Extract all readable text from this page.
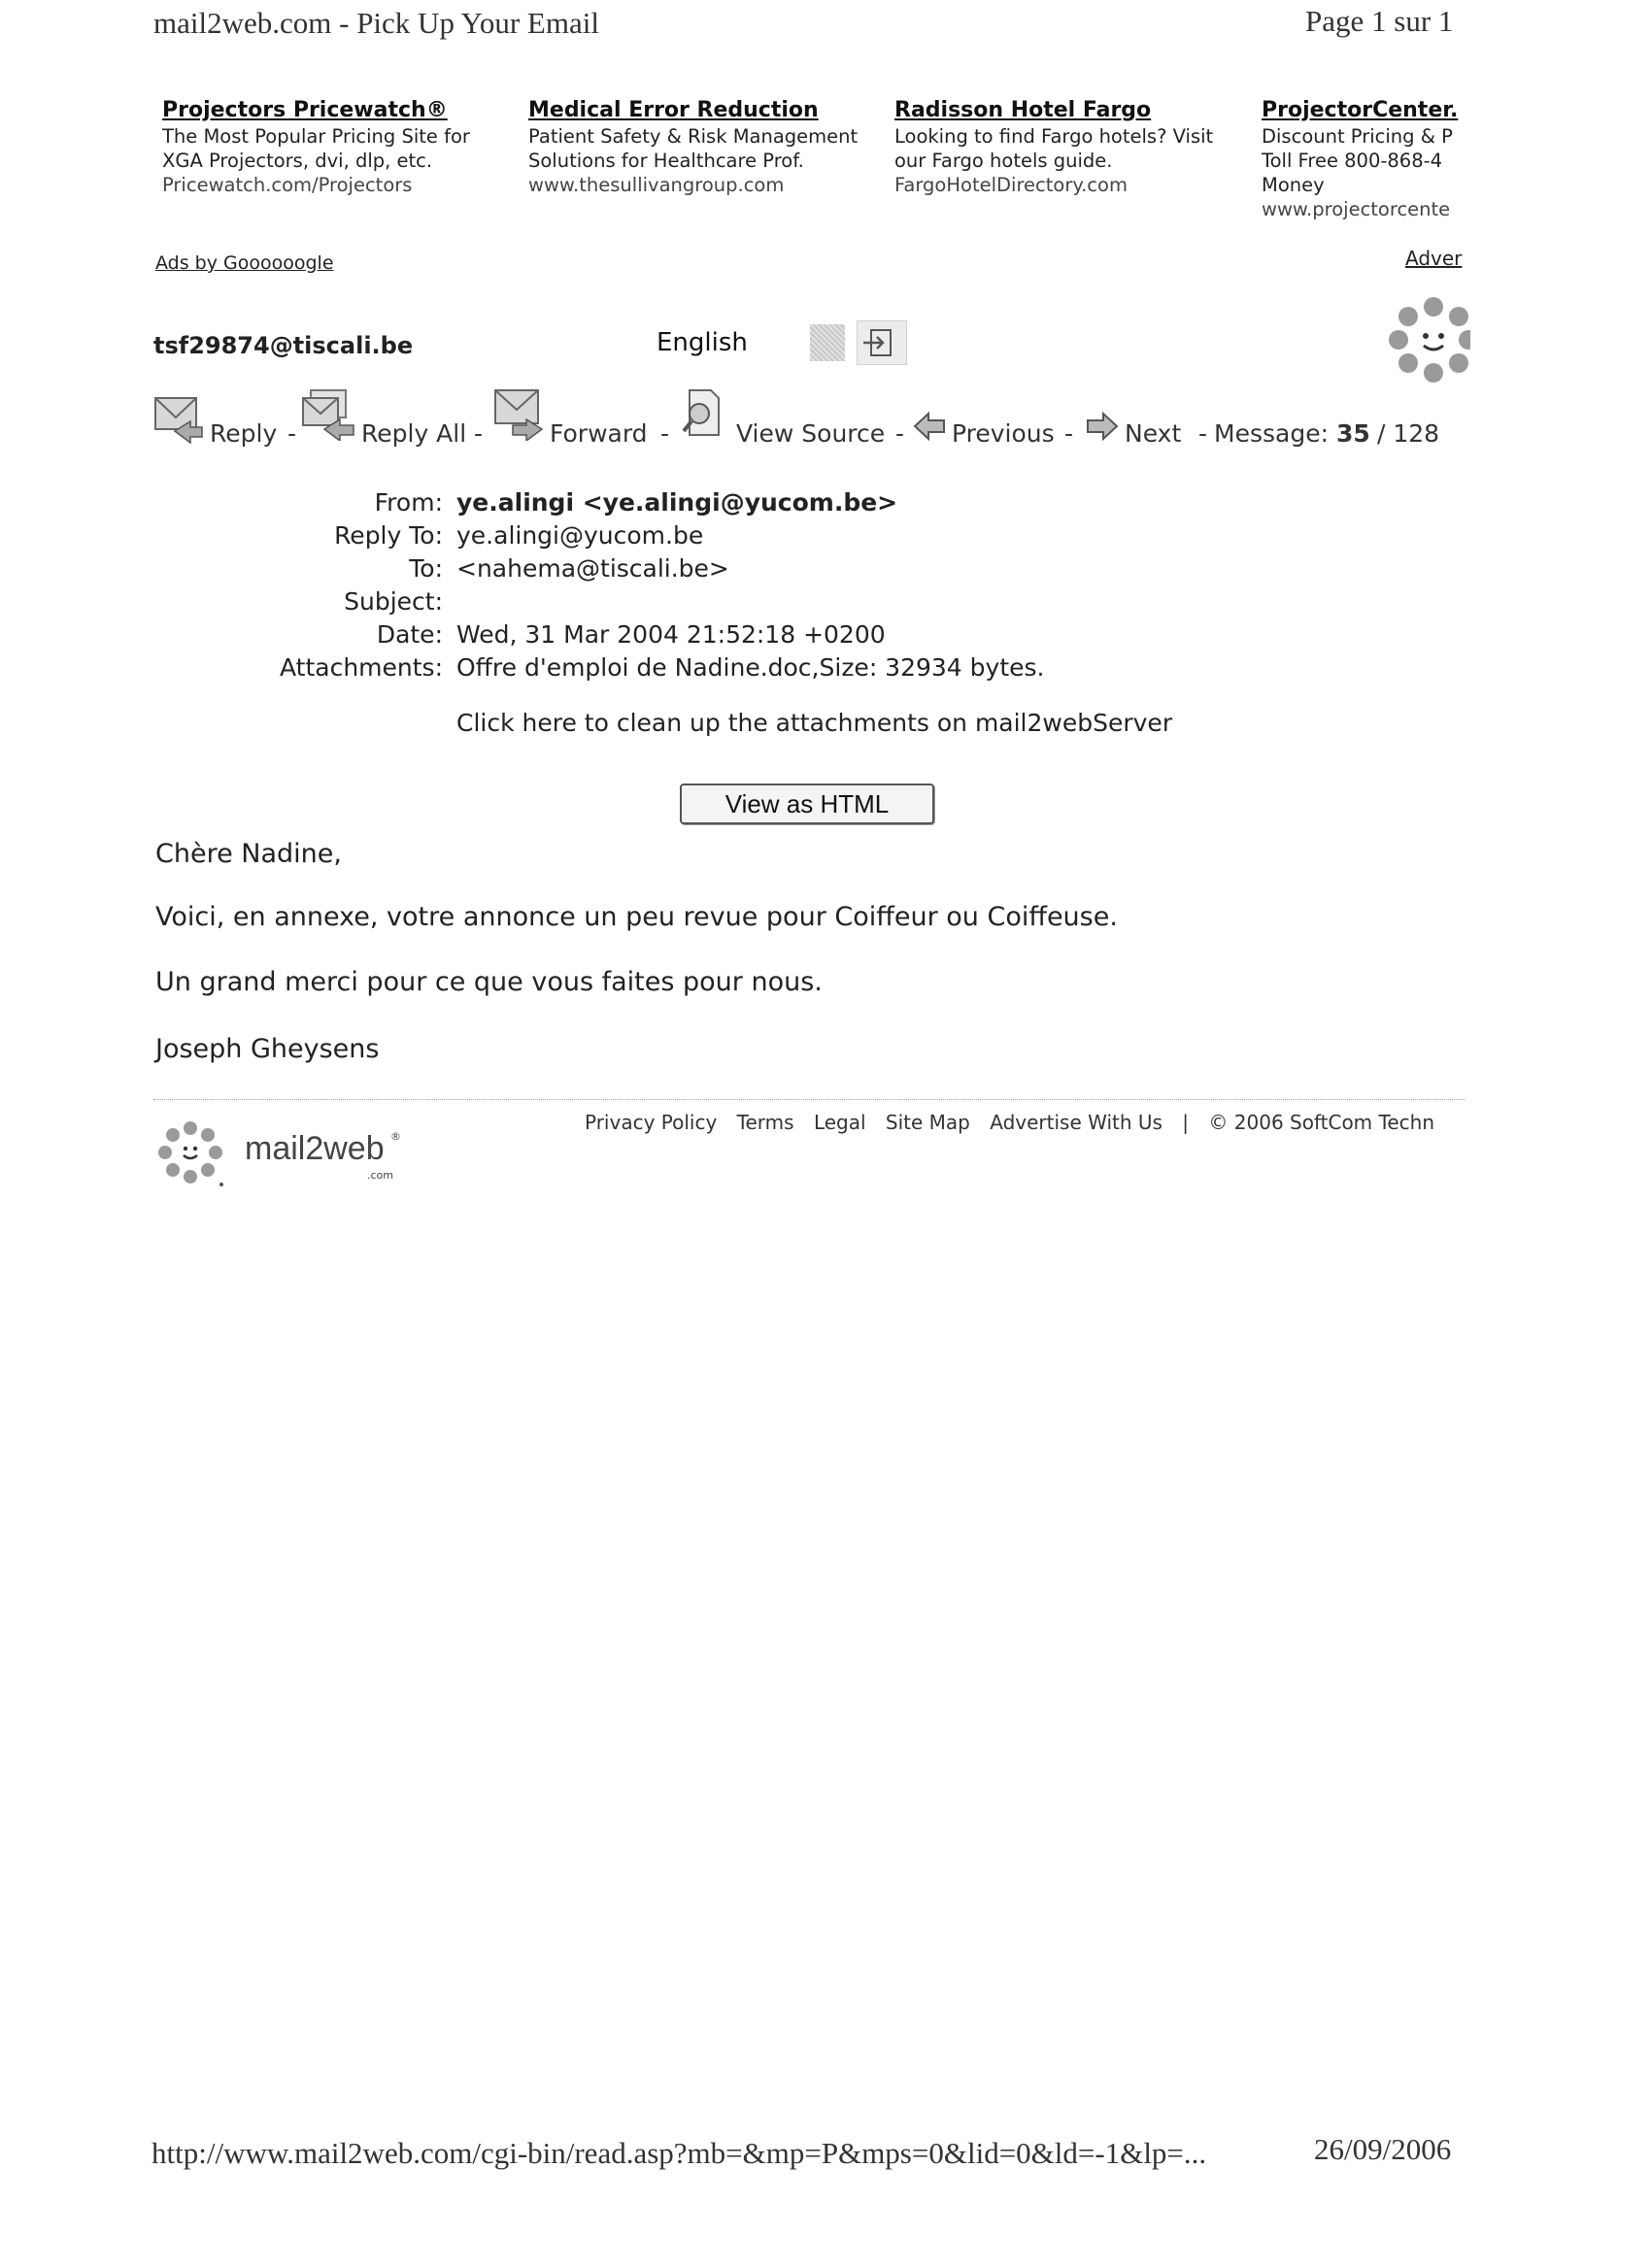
mail2web.com - Pick Up Your Email	Page 1 sur 1
Projectors Pricewatch®
The Most Popular Pricing Site for
XGA Projectors, dvi, dlp, etc.
Pricewatch.com/Projectors
Medical Error Reduction
Patient Safety & Risk Management
Solutions for Healthcare Prof.
www.thesullivangroup.com
Radisson Hotel Fargo
Looking to find Fargo hotels? Visit
our Fargo hotels guide.
FargoHotelDirectory.com
ProjectorCenter.
Discount Pricing & P
Toll Free 800-868-4
Money
www.projectorcente
Ads by Goooooogle	Adver
tsf29874@tiscali.be	English
Reply -	Reply All -	Forward -	View Source - Previous - Next - Message: 35 / 128
From: ye.alingi <ye.alingi@yucom.be>
Reply To: ye.alingi@yucom.be
To: <nahema@tiscali.be>
Subject:
Date: Wed, 31 Mar 2004 21:52:18 +0200
Attachments: Offre d'emploi de Nadine.doc,Size: 32934 bytes.
Click here to clean up the attachments on mail2webServer
View as HTML
Chère Nadine,
Voici, en annexe, votre annonce un peu revue pour Coiffeur ou Coiffeuse.
Un grand merci pour ce que vous faites pour nous.
Joseph Gheysens
Privacy Policy Terms Legal Site Map Advertise With Us | © 2006 SoftCom Techn
mail2web ®
.com
http://www.mail2web.com/cgi-bin/read.asp?mb=&mp=P&mps=0&lid=0&ld=-1&lp=...	26/09/2006
